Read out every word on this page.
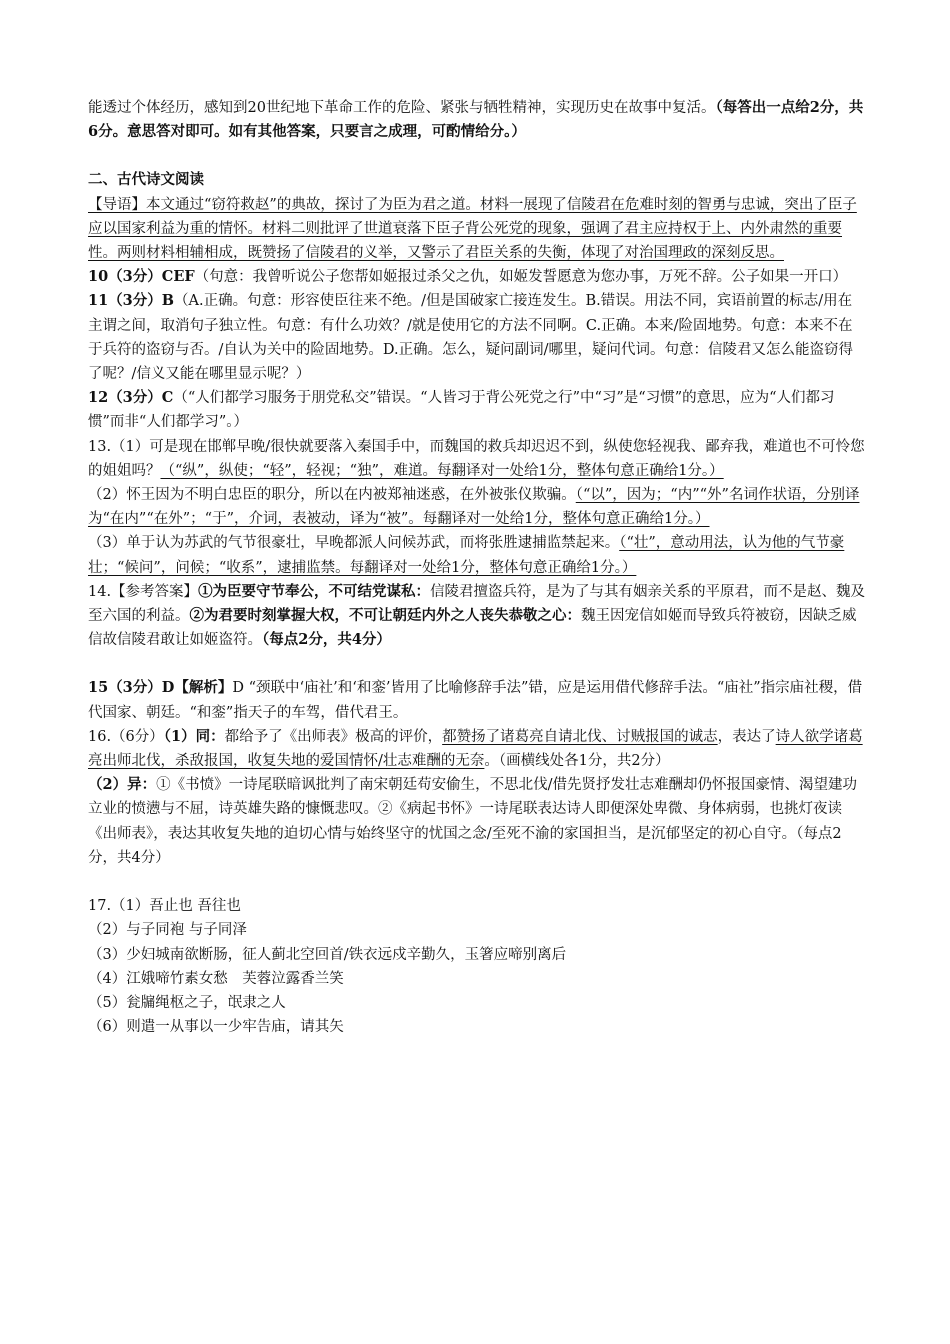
能透过个体经历，感知到20世纪地下革命工作的危险、紧张与牺牲精神，实现历史在故事中复活。（每答出一点给2分，共6分。意思答对即可。如有其他答案，只要言之成理，可酌情给分。）

二、古代诗文阅读

【导语】本文通过“窃符救赵”的典故，探讨了为臣为君之道。材料一展现了信陵君在危难时刻的智勇与忠诚，突出了臣子应以国家利益为重的情怀。材料二则批评了世道衰落下臣子背公死党的现象，强调了君主应持权于上、内外肃然的重要性。两则材料相辅相成，既赞扬了信陵君的义举，又警示了君臣关系的失衡，体现了对治国理政的深刻反思。

10（3分）CEF（句意：我曾听说公子您帮如姬报过杀父之仇，如姬发誓愿意为您办事，万死不辞。公子如果一开口）

11（3分）B（A.正确。句意：形容使臣往来不绝。/但是国破家亡接连发生。B.错误。用法不同，宾语前置的标志/用在主谓之间，取消句子独立性。句意：有什么功效？/就是使用它的方法不同啊。C.正确。本来/险固地势。句意：本来不在于兵符的盗窃与否。/自认为关中的险固地势。D.正确。怎么，疑问副词/哪里，疑问代词。句意：信陵君又怎么能盗窃得了呢？/信义又能在哪里显示呢？）

12（3分）C（“人们都学习服务于朋党私交”错误。“人皆习于背公死党之行”中“习”是“习惯”的意思，应为“人们都习惯”而非“人们都学习”。）

13.（1）可是现在邯郸早晚/很快就要落入秦国手中，而魏国的救兵却迟迟不到，纵使您轻视我、鄙弃我，难道也不可怜您的姐姐吗？（“纵”，纵使；“轻”，轻视；“独”，难道。每翻译对一处给1分，整体句意正确给1分。）

（2）怀王因为不明白忠臣的职分，所以在内被郑袖迷惑，在外被张仪欺骗。（“以”，因为；“内”“外”名词作状语，分别译为“在内”“在外”；“于”，介词，表被动，译为“被”。每翻译对一处给1分，整体句意正确给1分。）

（3）单于认为苏武的气节很豪壮，早晚都派人问候苏武，而将张胜逮捕监禁起来。（“壮”，意动用法，认为他的气节豪壮；“候问”，问候；“收系”，逮捕监禁。每翻译对一处给1分，整体句意正确给1分。）

14.【参考答案】①为臣要守节奉公，不可结党谋私：信陵君擅盗兵符，是为了与其有姻亲关系的平原君，而不是赵、魏及至六国的利益。②为君要时刻掌握大权，不可让朝廷内外之人丧失恭敬之心：魏王因宠信如姬而导致兵符被窃，因缺乏威信故信陵君敢让如姬盗符。（每点2分，共4分）

15（3分）D【解析】D “颈联中‘庙社’和‘和銮’皆用了比喻修辞手法”错，应是运用借代修辞手法。“庙社”指宗庙社稷，借代国家、朝廷。“和銮”指天子的车驾，借代君王。

16.（6分）（1）同：都给予了《出师表》极高的评价，都赞扬了诸葛亮自请北伐、讨贼报国的诚志，表达了诗人欲学诸葛亮出师北伐，杀敌报国，收复失地的爱国情怀/壮志难酬的无奈。（画横线处各1分，共2分）

（2）异：①《书愤》一诗尾联暗讽批判了南宋朝廷苟安偷生，不思北伐/借先贤抒发壮志难酬却仍怀报国豪情、渴望建功立业的愤懑与不屈，诗英雄失路的慷慨悲叹。②《病起书怀》一诗尾联表达诗人即便深处卑微、身体病弱，也挑灯夜读《出师表》，表达其收复失地的迫切心情与始终坚守的忧国之念/至死不渝的家国担当，是沉郁坚定的初心自守。（每点2分，共4分）

17.（1）吾止也 吾往也

（2）与子同袍 与子同泽

（3）少妇城南欲断肠，征人蓟北空回首/铁衣远戍辛勤久，玉箸应啼别离后

（4）江娥啼竹素女愁　芙蓉泣露香兰笑

（5）瓮牖绳枢之子，氓隶之人

（6）则遣一从事以一少牢告庙，请其矢
